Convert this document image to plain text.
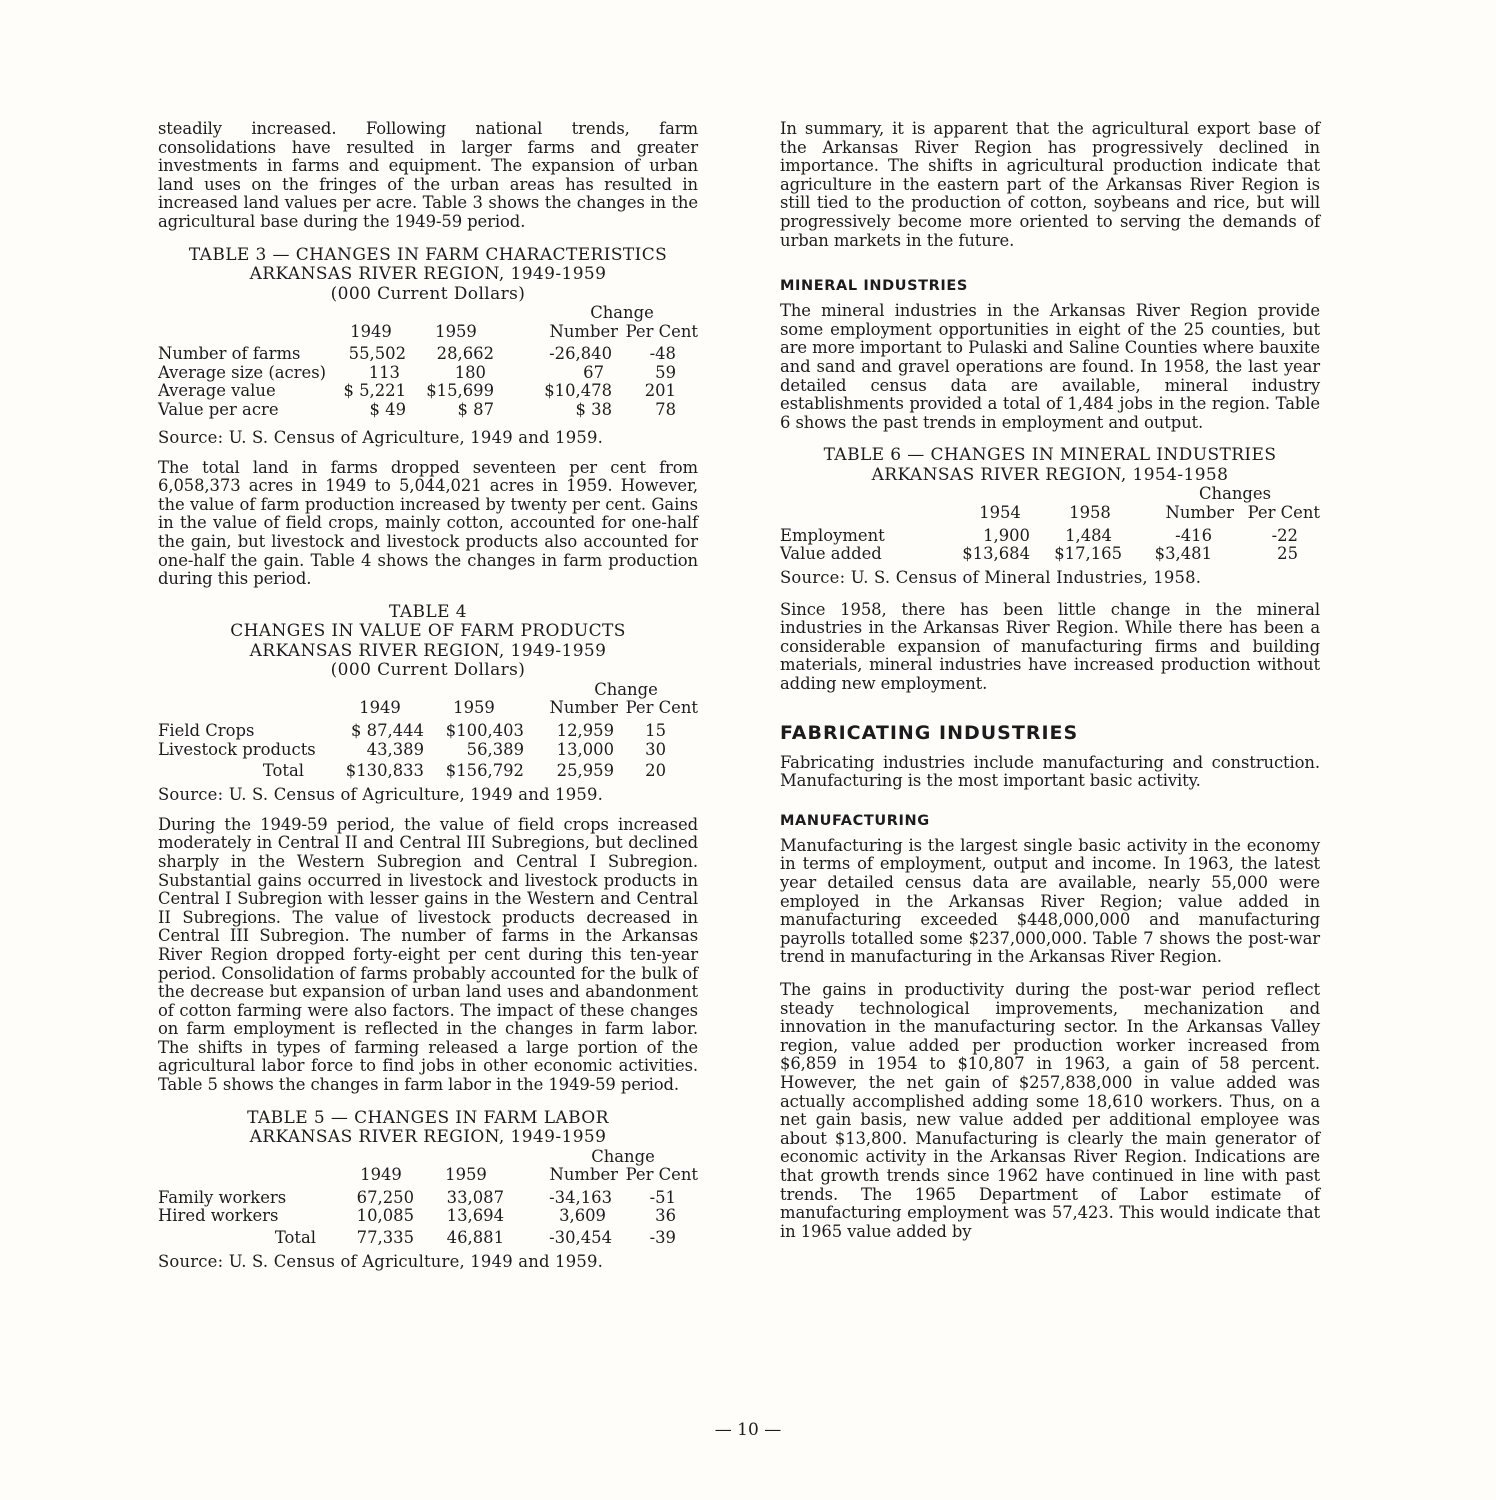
steadily increased. Following national trends, farm consolidations have resulted in larger farms and greater investments in farms and equipment. The expansion of urban land uses on the fringes of the urban areas has resulted in increased land values per acre. Table 3 shows the changes in the agricultural base during the 1949-59 period.

TABLE 3 — CHANGES IN FARM CHARACTERISTICS

ARKANSAS RIVER REGION, 1949-1959

(000 Current Dollars)

			Change	
	1949	1959	Number	Per Cent

Number of farms	55,502	28,662	-26,840	-48
Average size (acres)	113	180	67	59
Average value	$ 5,221	$15,699	$10,478	201
Value per acre	$ 49	$ 87	$ 38	78

Source: U. S. Census of Agriculture, 1949 and 1959.

The total land in farms dropped seventeen per cent from 6,058,373 acres in 1949 to 5,044,021 acres in 1959. However, the value of farm production increased by twenty per cent. Gains in the value of field crops, mainly cotton, accounted for one-half the gain, but livestock and livestock products also accounted for one-half the gain. Table 4 shows the changes in farm production during this period.

TABLE 4

CHANGES IN VALUE OF FARM PRODUCTS

ARKANSAS RIVER REGION, 1949-1959

(000 Current Dollars)

			Change	
	1949	1959	Number	Per Cent

Field Crops	$ 87,444	$100,403	12,959	15
Livestock products	43,389	56,389	13,000	30

Total	$130,833	$156,792	25,959	20

Source: U. S. Census of Agriculture, 1949 and 1959.

During the 1949-59 period, the value of field crops increased moderately in Central II and Central III Subregions, but declined sharply in the Western Subregion and Central I Subregion. Substantial gains occurred in livestock and livestock products in Central I Subregion with lesser gains in the Western and Central II Subregions. The value of livestock products decreased in Central III Subregion. The number of farms in the Arkansas River Region dropped forty-eight per cent during this ten-year period. Consolidation of farms probably accounted for the bulk of the decrease but expansion of urban land uses and abandonment of cotton farming were also factors. The impact of these changes on farm employment is reflected in the changes in farm labor. The shifts in types of farming released a large portion of the agricultural labor force to find jobs in other economic activities. Table 5 shows the changes in farm labor in the 1949-59 period.

TABLE 5 — CHANGES IN FARM LABOR

ARKANSAS RIVER REGION, 1949-1959

			Change	
	1949	1959	Number	Per Cent

Family workers	67,250	33,087	-34,163	-51
Hired workers	10,085	13,694	3,609	36

Total	77,335	46,881	-30,454	-39

Source: U. S. Census of Agriculture, 1949 and 1959.

In summary, it is apparent that the agricultural export base of the Arkansas River Region has progressively declined in importance. The shifts in agricultural production indicate that agriculture in the eastern part of the Arkansas River Region is still tied to the production of cotton, soybeans and rice, but will progressively become more oriented to serving the demands of urban markets in the future.

MINERAL INDUSTRIES

The mineral industries in the Arkansas River Region provide some employment opportunities in eight of the 25 counties, but are more important to Pulaski and Saline Counties where bauxite and sand and gravel operations are found. In 1958, the last year detailed census data are available, mineral industry establishments provided a total of 1,484 jobs in the region. Table 6 shows the past trends in employment and output.

TABLE 6 — CHANGES IN MINERAL INDUSTRIES

ARKANSAS RIVER REGION, 1954-1958

			Changes	
	1954	1958	Number	Per Cent

Employment	1,900	1,484	-416	-22
Value added	$13,684	$17,165	$3,481	25

Source: U. S. Census of Mineral Industries, 1958.

Since 1958, there has been little change in the mineral industries in the Arkansas River Region. While there has been a considerable expansion of manufacturing firms and building materials, mineral industries have increased production without adding new employment.

FABRICATING INDUSTRIES

Fabricating industries include manufacturing and construction. Manufacturing is the most important basic activity.

MANUFACTURING

Manufacturing is the largest single basic activity in the economy in terms of employment, output and income. In 1963, the latest year detailed census data are available, nearly 55,000 were employed in the Arkansas River Region; value added in manufacturing exceeded $448,000,000 and manufacturing payrolls totalled some $237,000,000. Table 7 shows the post-war trend in manufacturing in the Arkansas River Region.

The gains in productivity during the post-war period reflect steady technological improvements, mechanization and innovation in the manufacturing sector. In the Arkansas Valley region, value added per production worker increased from $6,859 in 1954 to $10,807 in 1963, a gain of 58 percent. However, the net gain of $257,838,000 in value added was actually accomplished adding some 18,610 workers. Thus, on a net gain basis, new value added per additional employee was about $13,800. Manufacturing is clearly the main generator of economic activity in the Arkansas River Region. Indications are that growth trends since 1962 have continued in line with past trends. The 1965 Department of Labor estimate of manufacturing employment was 57,423. This would indicate that in 1965 value added by

— 10 —
